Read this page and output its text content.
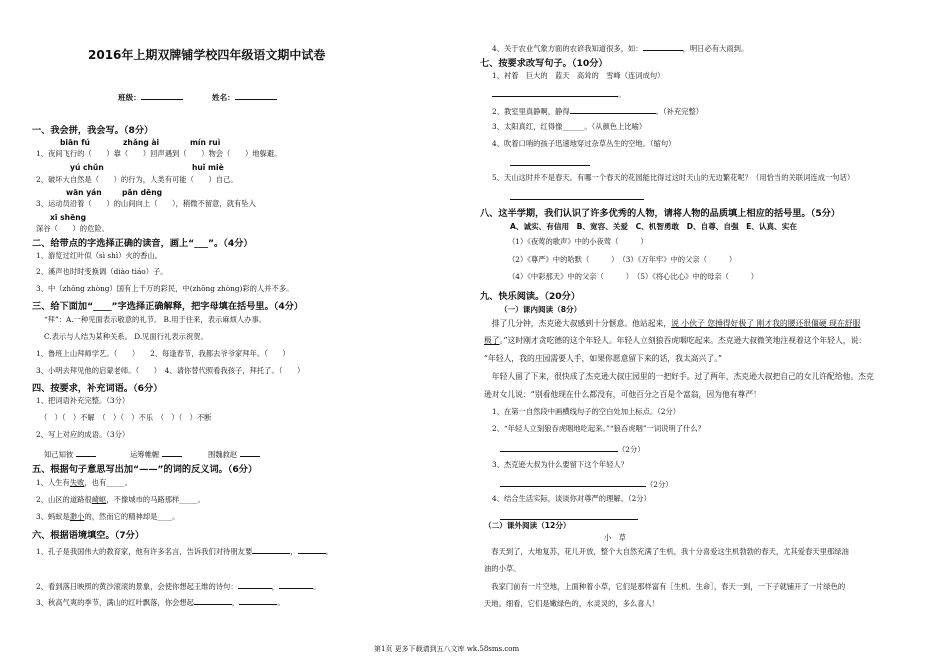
2016年上期双牌铺学校四年级语文期中试卷
班级：	姓名：
一、我会拼，我会写。（8分）
biān fú	zhǎng ài	mín ruì
1、夜间飞行的（　　）靠（　　）回声遇到（　　）物会（　　）地躲避。
yú chǔn	huǐ miè
2、破坏大自然是（　　）的行为，人类有可能（　　）自己。
wān yán	pān dēng
3、运动员沿着（　　）的山间向上（　　），稍微不留意，就有坠入
xī shēng
深谷（　　）的危险。
二、给带点的字选择正确的读音，画上“___”。（4分）
1、游览过红叶似（sì shì）火的香山。
2、溪声也时时变换调（diào tiáo）子。
3、中（zhōng zhòng）国有上千万的彩民，中(zhōng zhòng)彩的人并不多。
三、给下面加“____”字选择正确解释，把字母填在括号里。（4分）
“拜”：A.一种见面表示敬意的礼节。 B.用于往来，表示麻烦人办事。
C.表示与人结为某种关系。 D.见面行礼表示祝贺。
1、鲁班上山拜师学艺。（　　）　　2、每逢春节，我都去爷爷家拜年。（　　）
3、小明去拜见他的启蒙老师。（　　）　4、请你替代照看我孩子，拜托了。（　　）
四、按要求，补充词语。（6分）
1、把词语补充完整。（3分）
（　）（　）不解　（　）（　）不乐　（　）（　）不断
2、写上对应的成语。（3分）
知己知彼	运筹帷幄	围魏救赵
五、根据句子意思写出加“——”的词的反义词。（6分）
1、人生有失败，也有_____。
2、山区的道路很崎岖，不像城市的马路那样_____。
3、蚂蚁是渺小的，然而它的精神却是____。
六、根据语境填空。（7分）
1、孔子是我国伟大的教育家，他有许多名言，告诉我们对待朋友要	，	。
2、看到落日映照的黄沙滚滚的景象，会使你想起王维的诗句：	，	。
3、秋高气爽的季节，满山的红叶飘落，你会想起	，	。
4、关于农业气象方面的农谚我知道很多，如：	，明日必有大雨到。
七、按要求改写句子。（10分）
1、衬着　巨大的　蓝天　高耸的　雪峰（连词成句）
。
2、教室里真静啊，静得	。（补充完整）
3、太阳真红，红得像______。（从颜色上比喻）
4、吹着口哨的孩子迅速地穿过杂草丛生的空地。（缩句）
5、天山这时并不是春天。有哪一个春天的花园能比得过这时天山的无边繁花呢？（用恰当的关联词连成一句话）
八、这半学期，我们认识了许多优秀的人物，请将人物的品质填上相应的括号里。（5分）
A、诚实、有信用　B、宽容、关爱　C、机智勇敢　D、自尊、自强　E、认真、实在
（1）《夜莺的歌声》中的小夜莺（　　　）
（2）《尊严》中的哈默（　　　）　（3）《万年牢》中的父亲（　　　）
（4）《中彩那天》中的父亲（　　　）　（5）《将心比心》中的母亲（　　　）
九、快乐阅读。（20分）
（一）课内阅读（8分）
　排了几分钟，杰克逊大叔感到十分惬意。他站起来，说 小伙子 您捶得好极了 刚才我的腰还很僵硬 现在舒服
极了。”这时刚才贪吃德的这个年轻人。年轻人立刻狼吞虎咽吃起来。杰克逊大叔微笑地注视着这个年轻人，说：
“年轻人，我的庄园需要人手，如果你愿意留下来的话，我太高兴了。”
　年轻人留了下来，很快成了杰克逊大叔庄园里的一把好手。过了两年，杰克逊大叔把自己的女儿许配给他。杰克
逊对女儿说：“别看他现在什么都没有，可他百分之百是个富翁，因为他有尊严！
1、在第一自然段中画横线句子的空白处加上标点。（2分）
2、“年轻人立刻狼吞虎咽地吃起来。”“狼吞虎咽”一词说明了什么？
（2分）
3、杰克逊大叔为什么要留下这个年轻人？
（2分）
4、结合生活实际，谈谈你对尊严的理解。（2分）
（二）课外阅读（12分）
小　草
　春天到了，大地复苏，花儿开放，整个大自然充满了生机，我十分喜爱这生机勃勃的春天，尤其爱春天里那绿油
油的小草。
　我家门前有一片空地，上面种着小草，它们是那样富有［生机、生命］，春天一到，一下子就铺开了一片绿色的
天地。细看，它们是嫩绿色的，水灵灵的，多么喜人！
第1页 更多下载请到五八文库 wk.58sms.com
